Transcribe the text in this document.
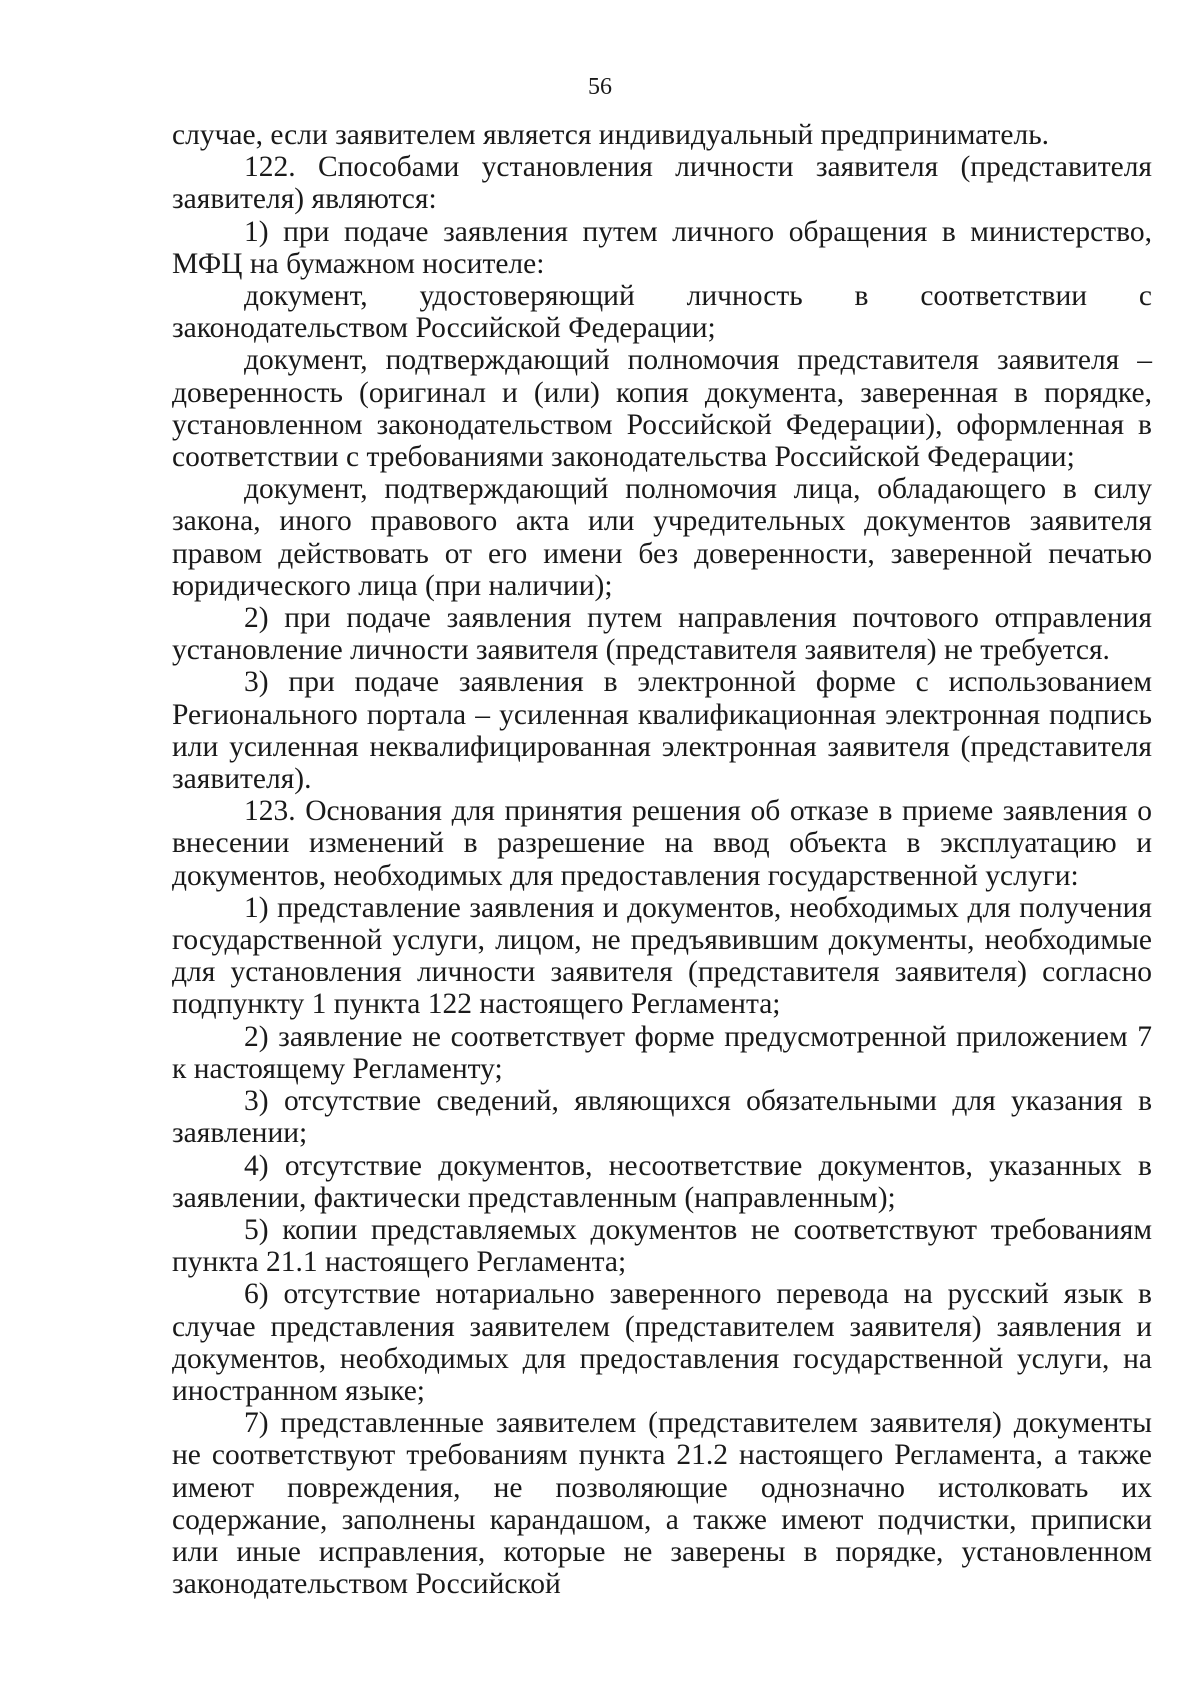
56

случае, если заявителем является индивидуальный предприниматель.

122. Способами установления личности заявителя (представителя заявителя) являются:

1) при подаче заявления путем личного обращения в министерство, МФЦ на бумажном носителе:

документ, удостоверяющий личность в соответствии с законодательством Российской Федерации;

документ, подтверждающий полномочия представителя заявителя – доверенность (оригинал и (или) копия документа, заверенная в порядке, установленном законодательством Российской Федерации), оформленная в соответствии с требованиями законодательства Российской Федерации;

документ, подтверждающий полномочия лица, обладающего в силу закона, иного правового акта или учредительных документов заявителя правом действовать от его имени без доверенности, заверенной печатью юридического лица (при наличии);

2) при подаче заявления путем направления почтового отправления установление личности заявителя (представителя заявителя) не требуется.

3) при подаче заявления в электронной форме с использованием Регионального портала – усиленная квалификационная электронная подпись или усиленная неквалифицированная электронная заявителя (представителя заявителя).

123. Основания для принятия решения об отказе в приеме заявления о внесении изменений в разрешение на ввод объекта в эксплуатацию и документов, необходимых для предоставления государственной услуги:

1) представление заявления и документов, необходимых для получения государственной услуги, лицом, не предъявившим документы, необходимые для установления личности заявителя (представителя заявителя) согласно подпункту 1 пункта 122 настоящего Регламента;

2) заявление не соответствует форме предусмотренной приложением 7 к настоящему Регламенту;

3) отсутствие сведений, являющихся обязательными для указания в заявлении;

4) отсутствие документов, несоответствие документов, указанных в заявлении, фактически представленным (направленным);

5) копии представляемых документов не соответствуют требованиям пункта 21.1 настоящего Регламента;

6) отсутствие нотариально заверенного перевода на русский язык в случае представления заявителем (представителем заявителя) заявления и документов, необходимых для предоставления государственной услуги, на иностранном языке;

7) представленные заявителем (представителем заявителя) документы не соответствуют требованиям пункта 21.2 настоящего Регламента, а также имеют повреждения, не позволяющие однозначно истолковать их содержание, заполнены карандашом, а также имеют подчистки, приписки или иные исправления, которые не заверены в порядке, установленном законодательством Российской
